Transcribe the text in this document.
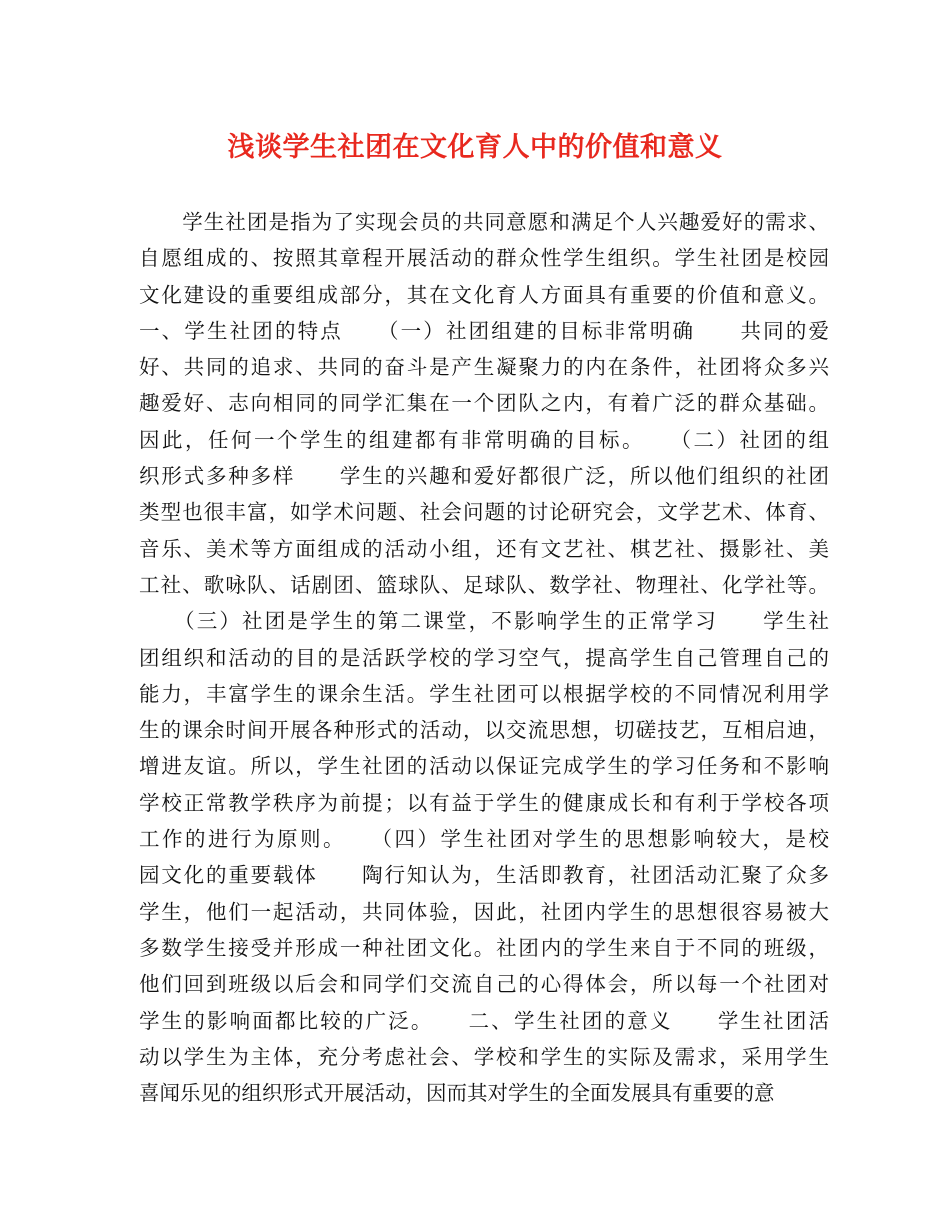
浅谈学生社团在文化育人中的价值和意义
　　学生社团是指为了实现会员的共同意愿和满足个人兴趣爱好的需求、
自愿组成的、按照其章程开展活动的群众性学生组织。学生社团是校园
文化建设的重要组成部分，其在文化育人方面具有重要的价值和意义。
一、学生社团的特点　　（一）社团组建的目标非常明确　　共同的爱
好、共同的追求、共同的奋斗是产生凝聚力的内在条件，社团将众多兴
趣爱好、志向相同的同学汇集在一个团队之内，有着广泛的群众基础。
因此，任何一个学生的组建都有非常明确的目标。　　（二）社团的组
织形式多种多样　　学生的兴趣和爱好都很广泛，所以他们组织的社团
类型也很丰富，如学术问题、社会问题的讨论研究会，文学艺术、体育、
音乐、美术等方面组成的活动小组，还有文艺社、棋艺社、摄影社、美
工社、歌咏队、话剧团、篮球队、足球队、数学社、物理社、化学社等。
　　（三）社团是学生的第二课堂，不影响学生的正常学习　　学生社
团组织和活动的目的是活跃学校的学习空气，提高学生自己管理自己的
能力，丰富学生的课余生活。学生社团可以根据学校的不同情况利用学
生的课余时间开展各种形式的活动，以交流思想，切磋技艺，互相启迪，
增进友谊。所以，学生社团的活动以保证完成学生的学习任务和不影响
学校正常教学秩序为前提；以有益于学生的健康成长和有利于学校各项
工作的进行为原则。　　（四）学生社团对学生的思想影响较大，是校
园文化的重要载体　　陶行知认为，生活即教育，社团活动汇聚了众多
学生，他们一起活动，共同体验，因此，社团内学生的思想很容易被大
多数学生接受并形成一种社团文化。社团内的学生来自于不同的班级，
他们回到班级以后会和同学们交流自己的心得体会，所以每一个社团对
学生的影响面都比较的广泛。　　二、学生社团的意义　　学生社团活
动以学生为主体，充分考虑社会、学校和学生的实际及需求，采用学生
喜闻乐见的组织形式开展活动，因而其对学生的全面发展具有重要的意
